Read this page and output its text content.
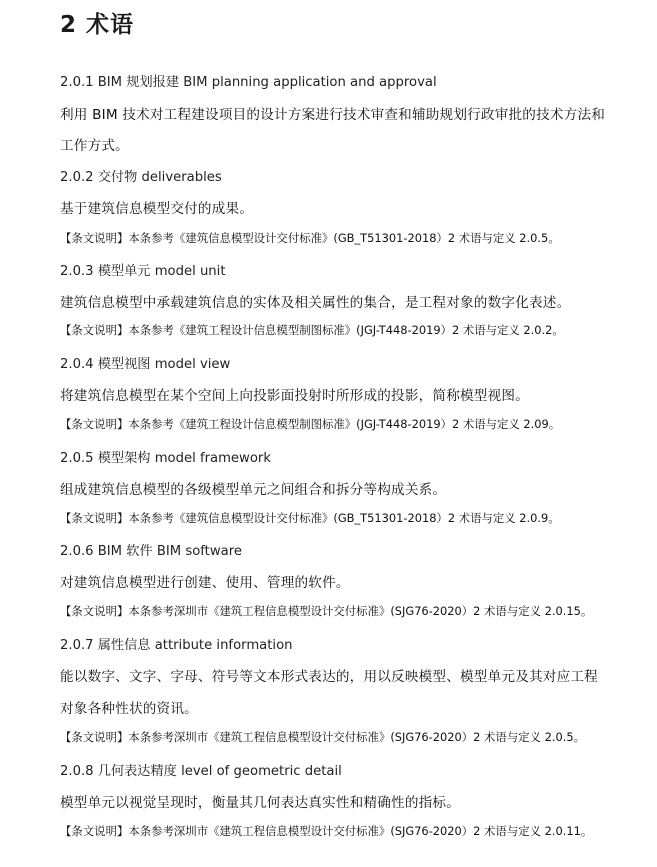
2 术语
2.0.1 BIM 规划报建 BIM planning application and approval
利用 BIM 技术对工程建设项目的设计方案进行技术审查和辅助规划行政审批的技术方法和
工作方式。
2.0.2 交付物 deliverables
基于建筑信息模型交付的成果。
【条文说明】本条参考《建筑信息模型设计交付标准》(GB_T51301-2018）2 术语与定义 2.0.5。
2.0.3 模型单元 model unit
建筑信息模型中承载建筑信息的实体及相关属性的集合，是工程对象的数字化表述。
【条文说明】本条参考《建筑工程设计信息模型制图标准》(JGJ-T448-2019）2 术语与定义 2.0.2。
2.0.4 模型视图 model view
将建筑信息模型在某个空间上向投影面投射时所形成的投影，简称模型视图。
【条文说明】本条参考《建筑工程设计信息模型制图标准》(JGJ-T448-2019）2 术语与定义 2.09。
2.0.5 模型架构 model framework
组成建筑信息模型的各级模型单元之间组合和拆分等构成关系。
【条文说明】本条参考《建筑信息模型设计交付标准》(GB_T51301-2018）2 术语与定义 2.0.9。
2.0.6 BIM 软件 BIM software
对建筑信息模型进行创建、使用、管理的软件。
【条文说明】本条参考深圳市《建筑工程信息模型设计交付标准》(SJG76-2020）2 术语与定义 2.0.15。
2.0.7 属性信息 attribute information
能以数字、文字、字母、符号等文本形式表达的，用以反映模型、模型单元及其对应工程
对象各种性状的资讯。
【条文说明】本条参考深圳市《建筑工程信息模型设计交付标准》(SJG76-2020）2 术语与定义 2.0.5。
2.0.8 几何表达精度 level of geometric detail
模型单元以视觉呈现时，衡量其几何表达真实性和精确性的指标。
【条文说明】本条参考深圳市《建筑工程信息模型设计交付标准》(SJG76-2020）2 术语与定义 2.0.11。
